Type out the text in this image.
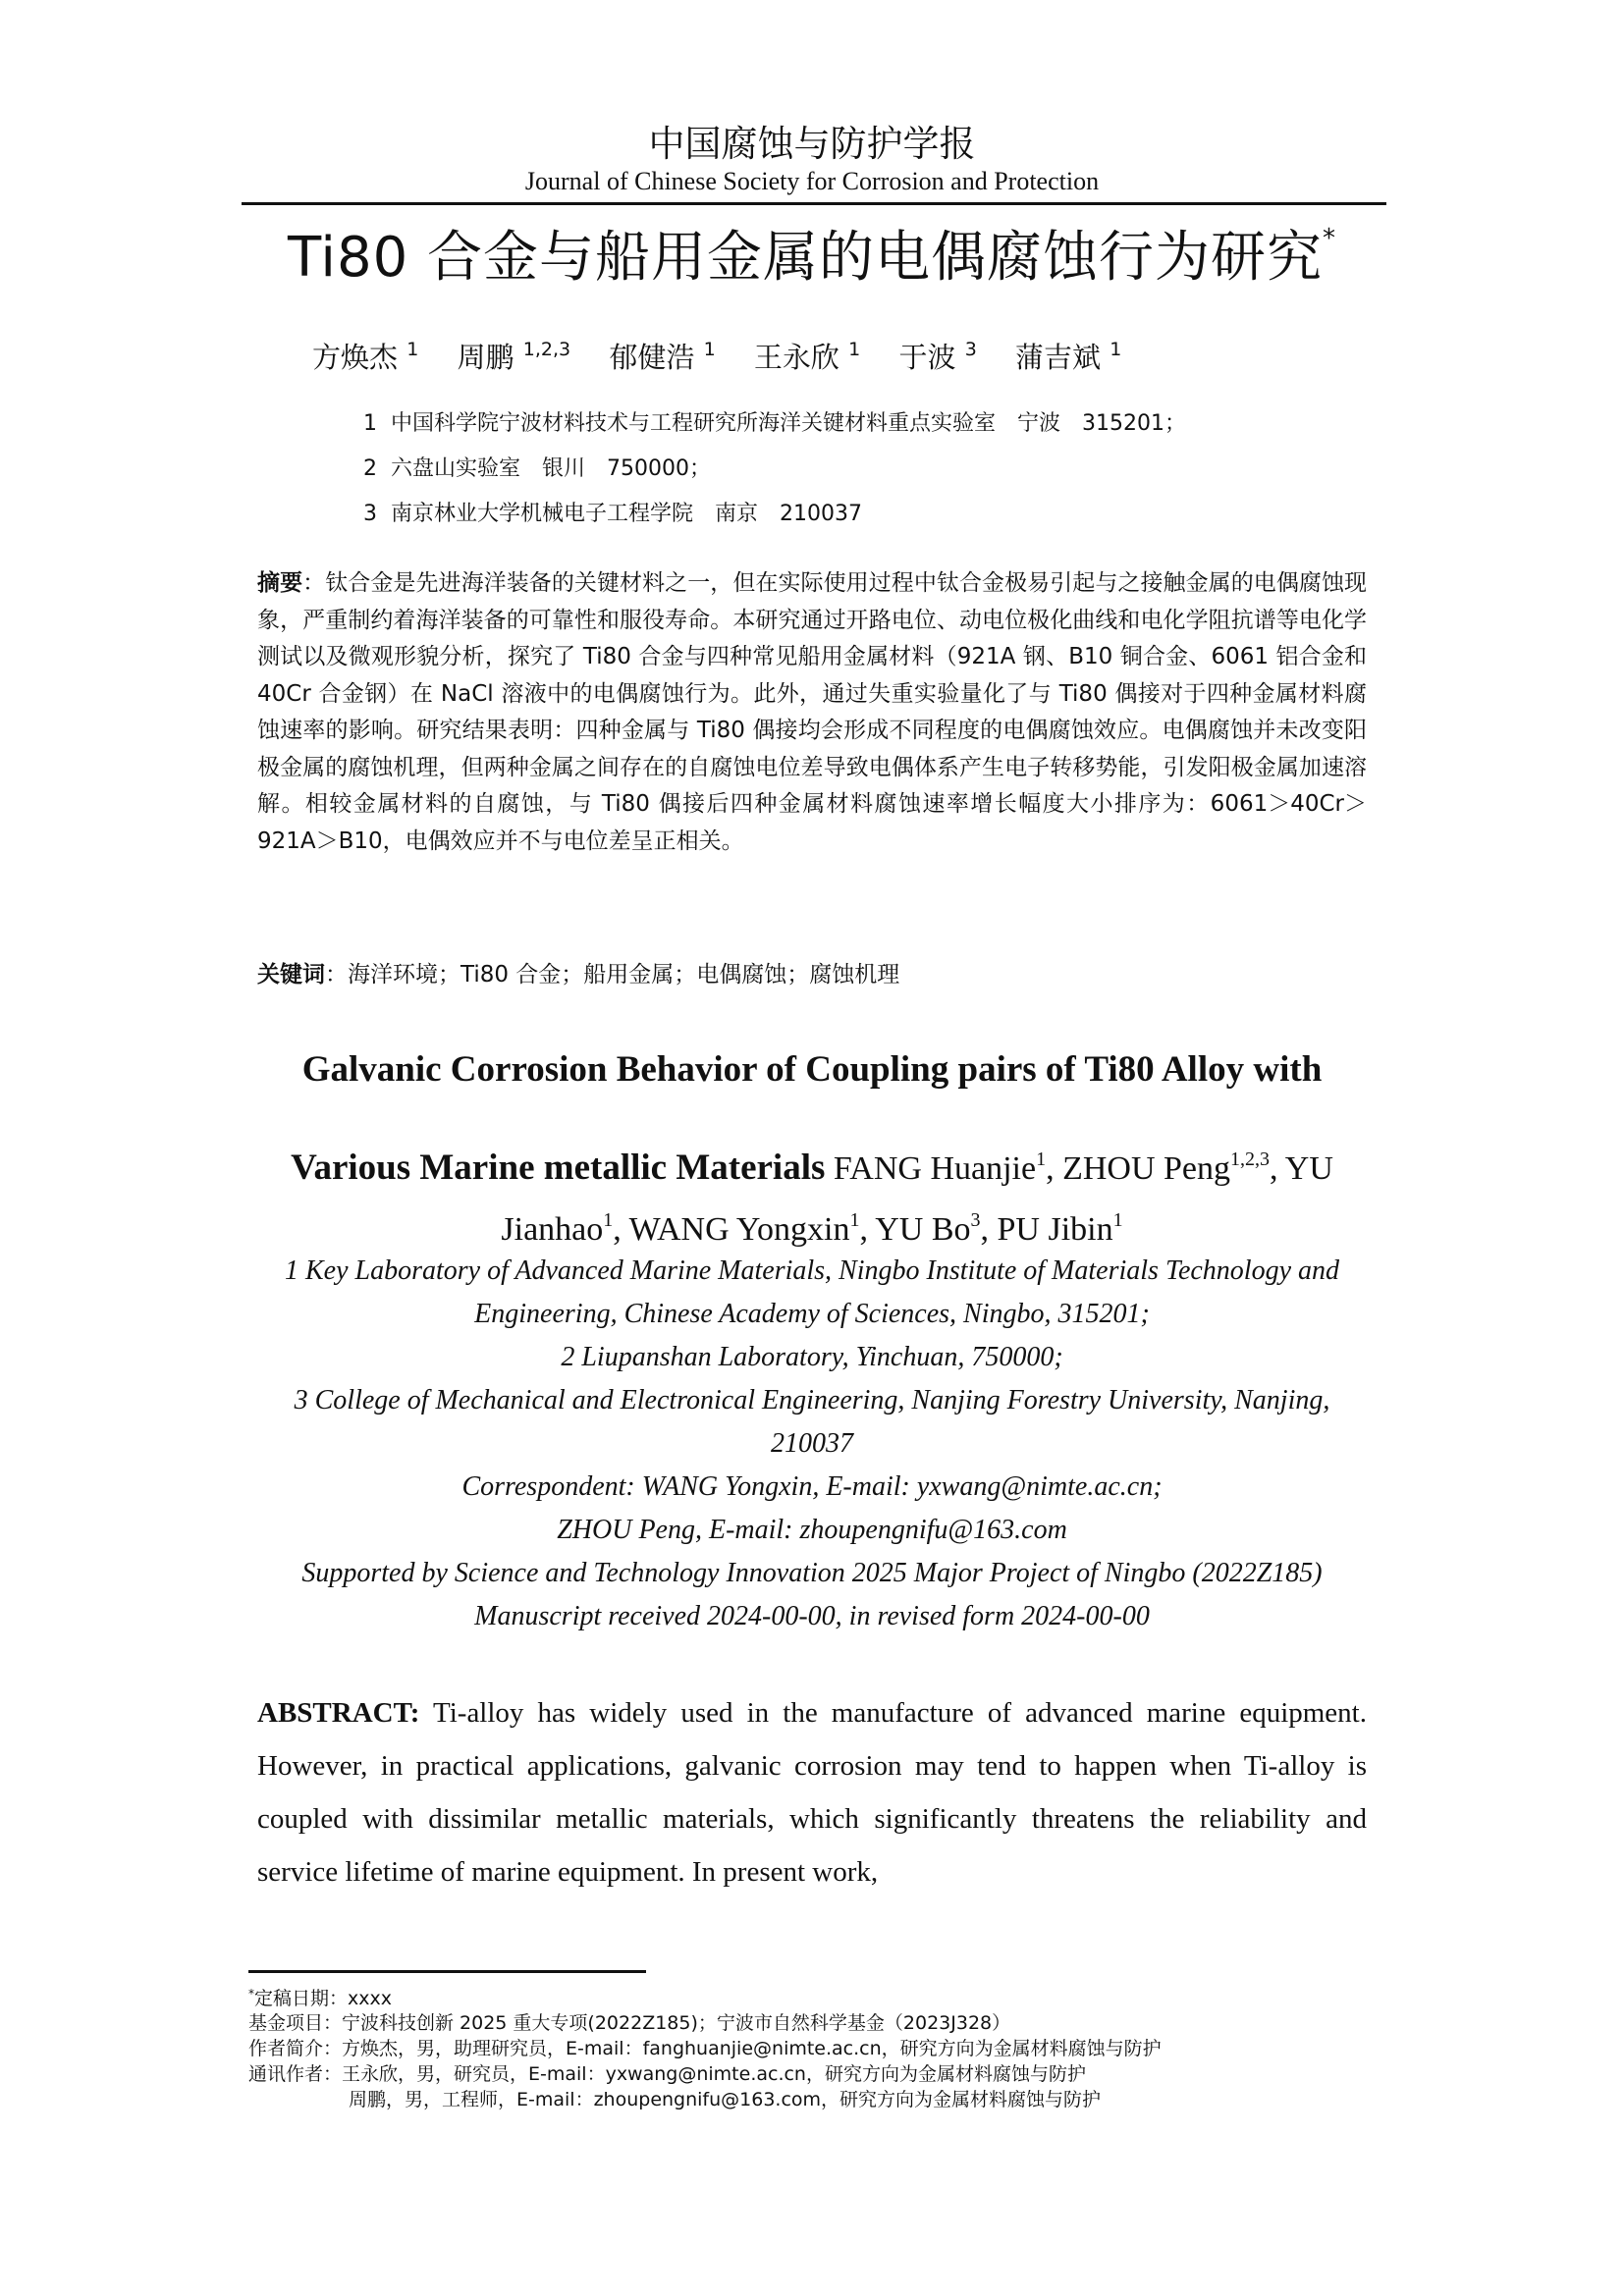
中国腐蚀与防护学报
Journal of Chinese Society for Corrosion and Protection
Ti80 合金与船用金属的电偶腐蚀行为研究*
方焕杰 $^1$ 周鹏 $^{1,2,3}$ 郁健浩 $^1$ 王永欣 $^1$ 于波 $^3$ 蒲吉斌 $^1$
1 中国科学院宁波材料技术与工程研究所海洋关键材料重点实验室　宁波　315201；
2 六盘山实验室　银川　750000；
3 南京林业大学机械电子工程学院　南京　210037
摘要：钛合金是先进海洋装备的关键材料之一，但在实际使用过程中钛合金极易引起与之接触金属的电偶腐蚀现象，严重制约着海洋装备的可靠性和服役寿命。本研究通过开路电位、动电位极化曲线和电化学阻抗谱等电化学测试以及微观形貌分析，探究了 Ti80 合金与四种常见船用金属材料（921A 钢、B10 铜合金、6061 铝合金和 40Cr 合金钢）在 NaCl 溶液中的电偶腐蚀行为。此外，通过失重实验量化了与 Ti80 偶接对于四种金属材料腐蚀速率的影响。研究结果表明：四种金属与 Ti80 偶接均会形成不同程度的电偶腐蚀效应。电偶腐蚀并未改变阳极金属的腐蚀机理，但两种金属之间存在的自腐蚀电位差导致电偶体系产生电子转移势能，引发阳极金属加速溶解。相较金属材料的自腐蚀，与 Ti80 偶接后四种金属材料腐蚀速率增长幅度大小排序为：6061＞40Cr＞921A＞B10，电偶效应并不与电位差呈正相关。
关键词：海洋环境；Ti80 合金；船用金属；电偶腐蚀；腐蚀机理
Galvanic Corrosion Behavior of Coupling pairs of Ti80 Alloy with
Various Marine metallic Materials FANG Huanjie$^1$, ZHOU Peng$^{1,2,3}$, YU
Jianhao$^1$, WANG Yongxin$^1$, YU Bo$^3$, PU Jibin$^1$
1 Key Laboratory of Advanced Marine Materials, Ningbo Institute of Materials Technology and
Engineering, Chinese Academy of Sciences, Ningbo, 315201;
2 Liupanshan Laboratory, Yinchuan, 750000;
3 College of Mechanical and Electronical Engineering, Nanjing Forestry University, Nanjing,
210037
Correspondent: WANG Yongxin, E-mail: yxwang@nimte.ac.cn;
ZHOU Peng, E-mail: zhoupengnifu@163.com
Supported by Science and Technology Innovation 2025 Major Project of Ningbo (2022Z185)
Manuscript received 2024-00-00, in revised form 2024-00-00
ABSTRACT: Ti-alloy has widely used in the manufacture of advanced marine equipment. However, in practical applications, galvanic corrosion may tend to happen when Ti-alloy is coupled with dissimilar metallic materials, which significantly threatens the reliability and service lifetime of marine equipment. In present work,
*定稿日期：xxxx
基金项目：宁波科技创新 2025 重大专项(2022Z185)；宁波市自然科学基金（2023J328）
作者简介：方焕杰，男，助理研究员，E-mail：fanghuanjie@nimte.ac.cn，研究方向为金属材料腐蚀与防护
通讯作者：王永欣，男，研究员，E-mail：yxwang@nimte.ac.cn，研究方向为金属材料腐蚀与防护
周鹏，男，工程师，E-mail：zhoupengnifu@163.com，研究方向为金属材料腐蚀与防护
